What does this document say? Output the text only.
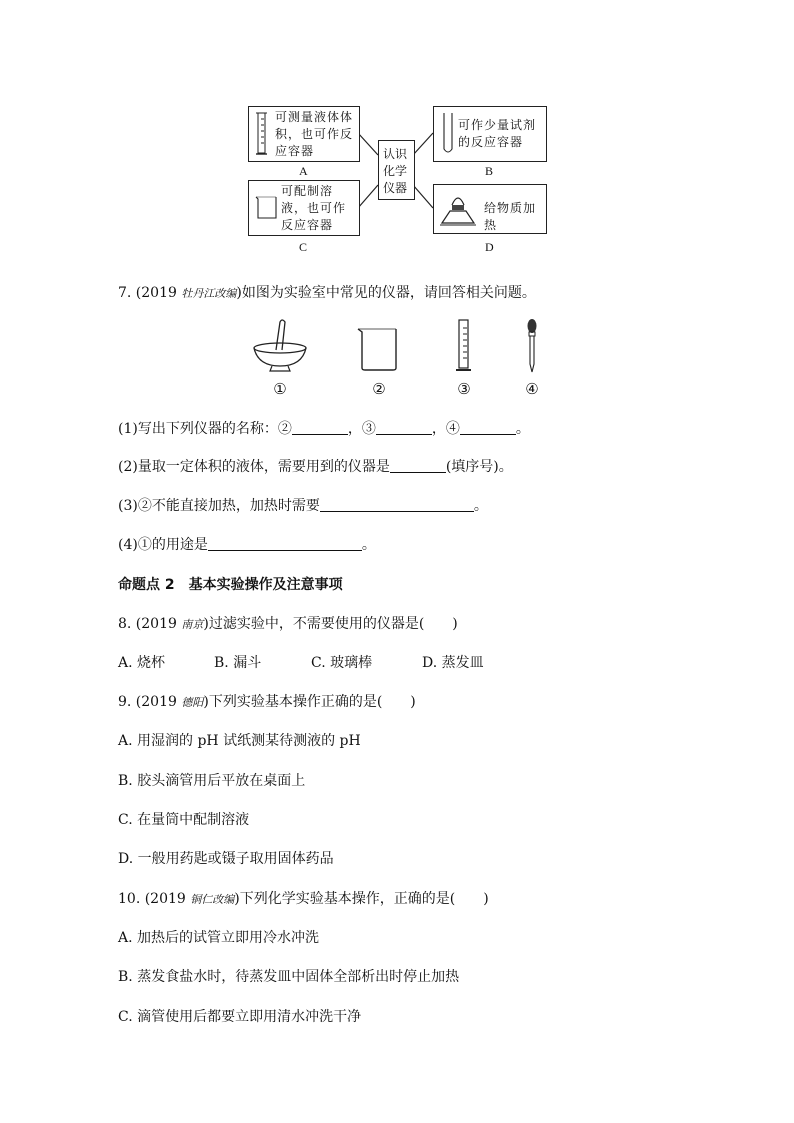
可测量液体体积，也可作反应容器
A
可作少量试剂的反应容器
B
认识化学仪器
可配制溶液，也可作反应容器
C
给物质加热
D
7. (2019 牡丹江改编)如图为实验室中常见的仪器，请回答相关问题。
①	②	③	④
(1)写出下列仪器的名称：②	，③	，④	。
(2)量取一定体积的液体，需要用到的仪器是	(填序号)。
(3)②不能直接加热，加热时需要	。
(4)①的用途是	。
命题点 2　基本实验操作及注意事项
8. (2019 南京)过滤实验中，不需要使用的仪器是(　　)
A. 烧杯	B. 漏斗	C. 玻璃棒	D. 蒸发皿
9. (2019 德阳)下列实验基本操作正确的是(　　)
A. 用湿润的 pH 试纸测某待测液的 pH
B. 胶头滴管用后平放在桌面上
C. 在量筒中配制溶液
D. 一般用药匙或镊子取用固体药品
10. (2019 铜仁改编)下列化学实验基本操作，正确的是(　　)
A. 加热后的试管立即用冷水冲洗
B. 蒸发食盐水时，待蒸发皿中固体全部析出时停止加热
C. 滴管使用后都要立即用清水冲洗干净
